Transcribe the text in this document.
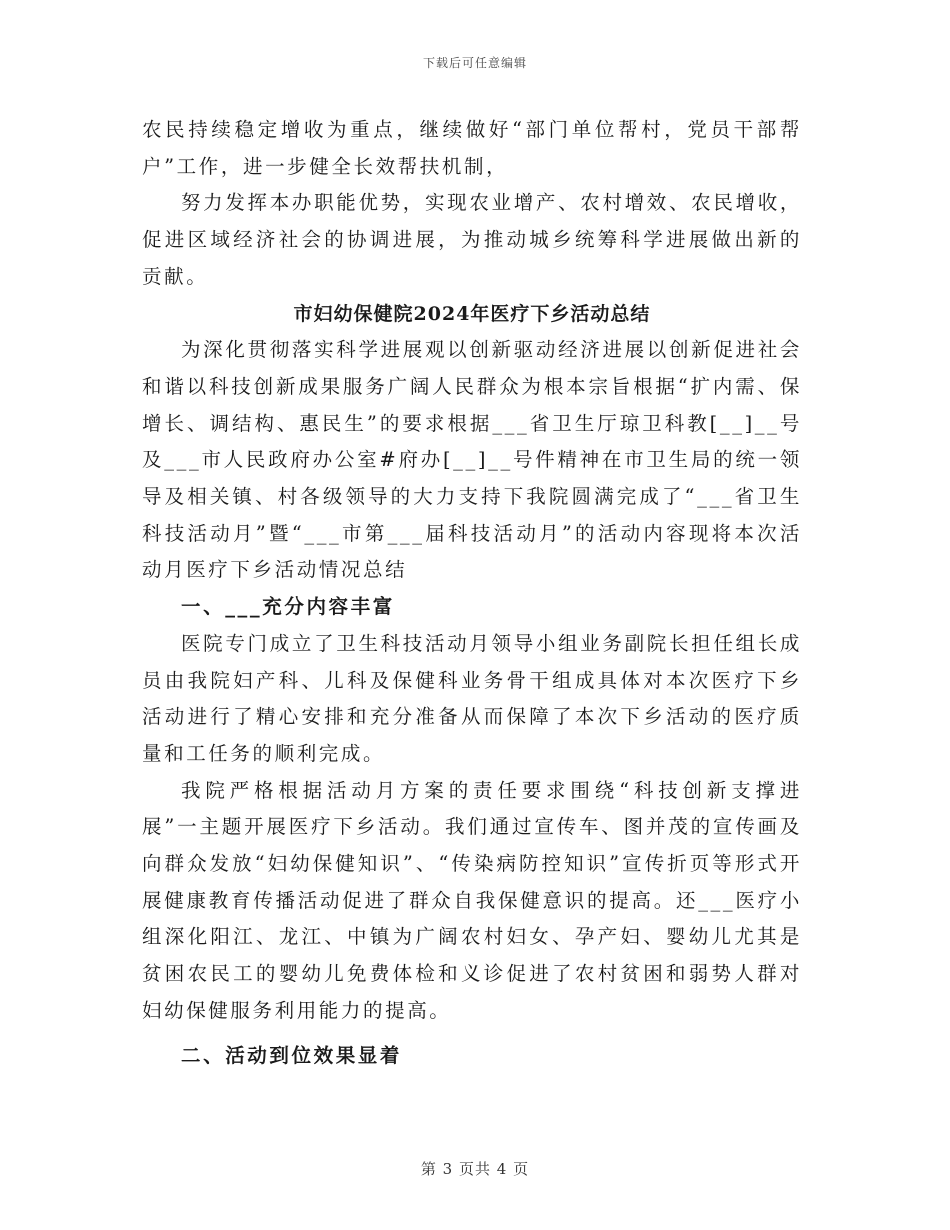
下载后可任意编辑

农民持续稳定增收为重点，继续做好“部门单位帮村，党员干部帮户”工作，进一步健全长效帮扶机制，

努力发挥本办职能优势，实现农业增产、农村增效、农民增收，促进区域经济社会的协调进展，为推动城乡统筹科学进展做出新的贡献。

市妇幼保健院2024年医疗下乡活动总结

为深化贯彻落实科学进展观以创新驱动经济进展以创新促进社会和谐以科技创新成果服务广阔人民群众为根本宗旨根据“扩内需、保增长、调结构、惠民生”的要求根据___省卫生厅琼卫科教[__]__号及___市人民政府办公室#府办[__]__号件精神在市卫生局的统一领导及相关镇、村各级领导的大力支持下我院圆满完成了“___省卫生科技活动月”暨“___市第___届科技活动月”的活动内容现将本次活动月医疗下乡活动情况总结

一、___充分内容丰富

医院专门成立了卫生科技活动月领导小组业务副院长担任组长成员由我院妇产科、儿科及保健科业务骨干组成具体对本次医疗下乡活动进行了精心安排和充分准备从而保障了本次下乡活动的医疗质量和工任务的顺利完成。

我院严格根据活动月方案的责任要求围绕“科技创新支撑进展”一主题开展医疗下乡活动。我们通过宣传车、图并茂的宣传画及向群众发放“妇幼保健知识”、“传染病防控知识”宣传折页等形式开展健康教育传播活动促进了群众自我保健意识的提高。还___医疗小组深化阳江、龙江、中镇为广阔农村妇女、孕产妇、婴幼儿尤其是贫困农民工的婴幼儿免费体检和义诊促进了农村贫困和弱势人群对妇幼保健服务利用能力的提高。

二、活动到位效果显着

第 3 页共 4 页
